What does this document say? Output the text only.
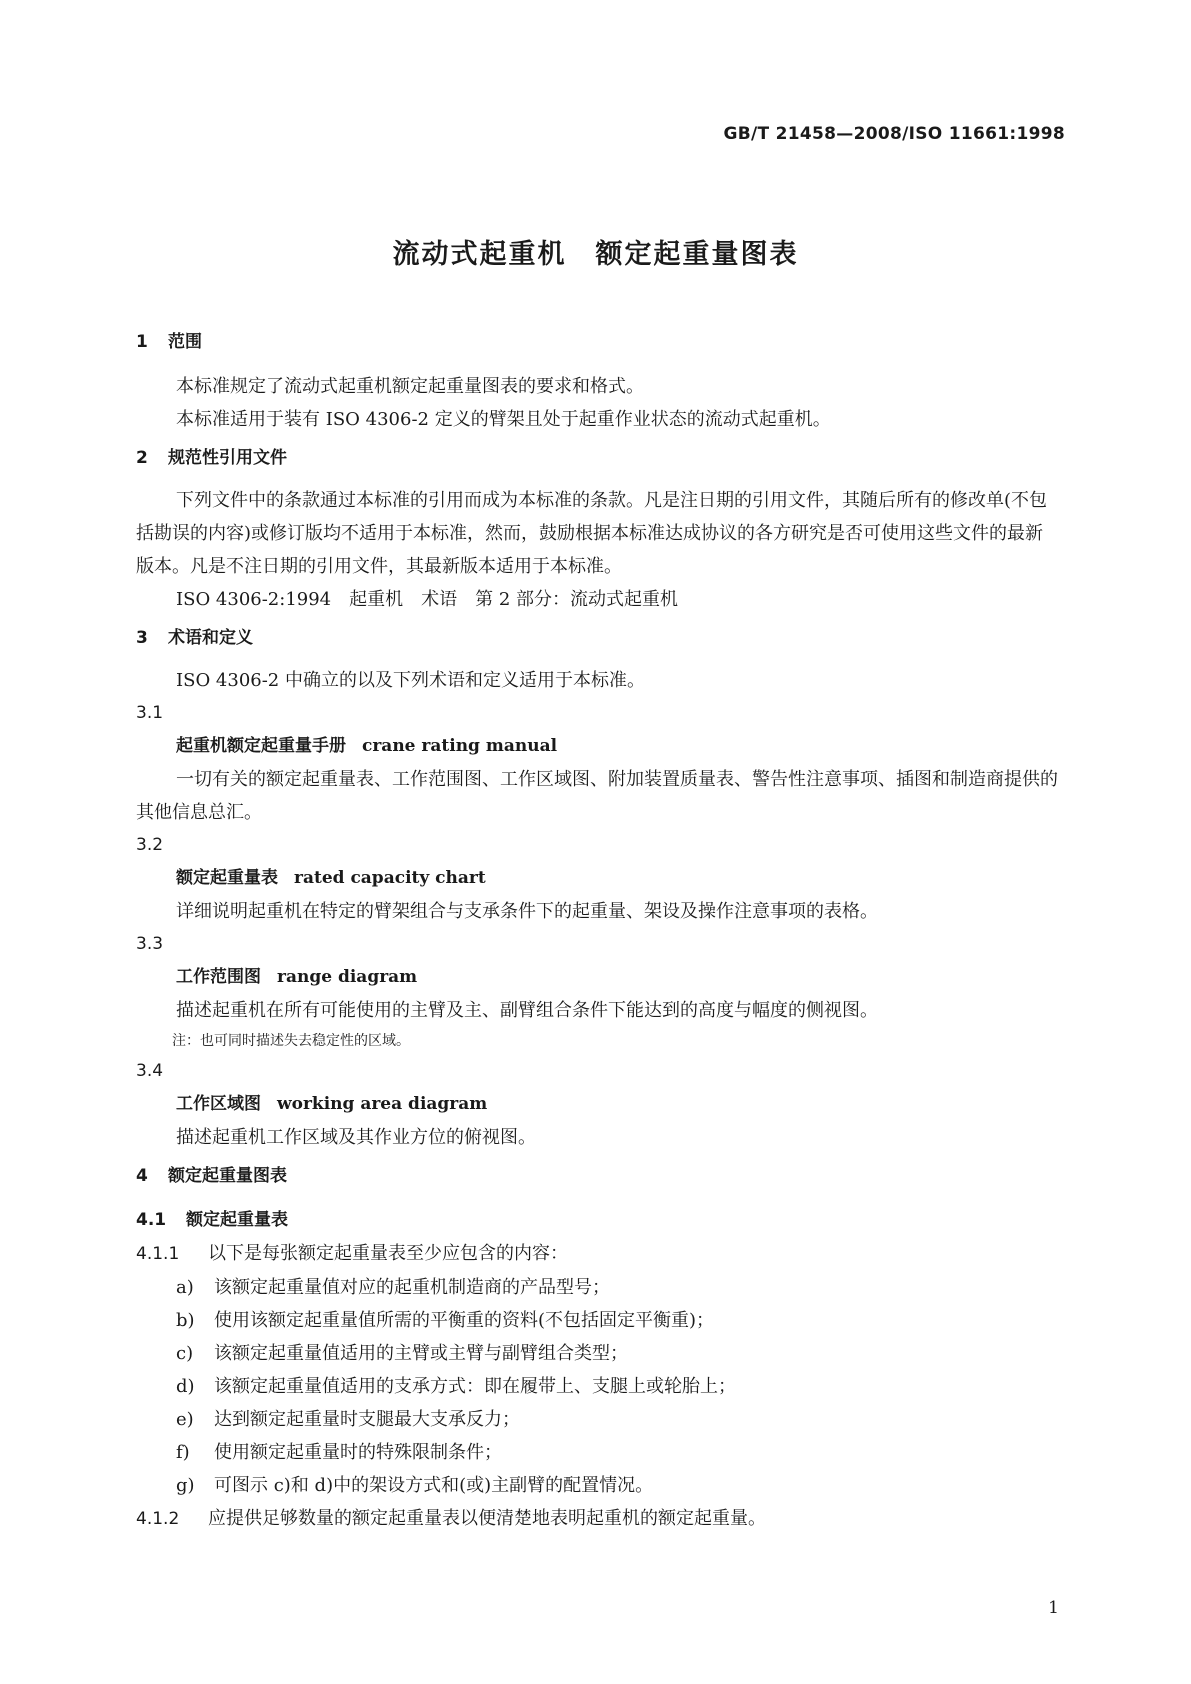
GB/T 21458—2008/ISO 11661:1998
流动式起重机　额定起重量图表
1 范围

本标准规定了流动式起重机额定起重量图表的要求和格式。

本标准适用于装有 ISO 4306-2 定义的臂架且处于起重作业状态的流动式起重机。

2 规范性引用文件

下列文件中的条款通过本标准的引用而成为本标准的条款。凡是注日期的引用文件，其随后所有的修改单(不包括勘误的内容)或修订版均不适用于本标准，然而，鼓励根据本标准达成协议的各方研究是否可使用这些文件的最新版本。凡是不注日期的引用文件，其最新版本适用于本标准。

ISO 4306-2:1994　起重机　术语　第 2 部分：流动式起重机

3 术语和定义

ISO 4306-2 中确立的以及下列术语和定义适用于本标准。

3.1

起重机额定起重量手册 crane rating manual

一切有关的额定起重量表、工作范围图、工作区域图、附加装置质量表、警告性注意事项、插图和制造商提供的其他信息总汇。

3.2

额定起重量表 rated capacity chart

详细说明起重机在特定的臂架组合与支承条件下的起重量、架设及操作注意事项的表格。

3.3

工作范围图 range diagram

描述起重机在所有可能使用的主臂及主、副臂组合条件下能达到的高度与幅度的侧视图。

注：也可同时描述失去稳定性的区域。

3.4

工作区域图 working area diagram

描述起重机工作区域及其作业方位的俯视图。

4 额定起重量图表

4.1 额定起重量表

4.1.1 以下是每张额定起重量表至少应包含的内容：

a) 该额定起重量值对应的起重机制造商的产品型号；

b) 使用该额定起重量值所需的平衡重的资料(不包括固定平衡重)；

c) 该额定起重量值适用的主臂或主臂与副臂组合类型；

d) 该额定起重量值适用的支承方式：即在履带上、支腿上或轮胎上；

e) 达到额定起重量时支腿最大支承反力；

f) 使用额定起重量时的特殊限制条件；

g) 可图示 c)和 d)中的架设方式和(或)主副臂的配置情况。

4.1.2 应提供足够数量的额定起重量表以便清楚地表明起重机的额定起重量。

1
